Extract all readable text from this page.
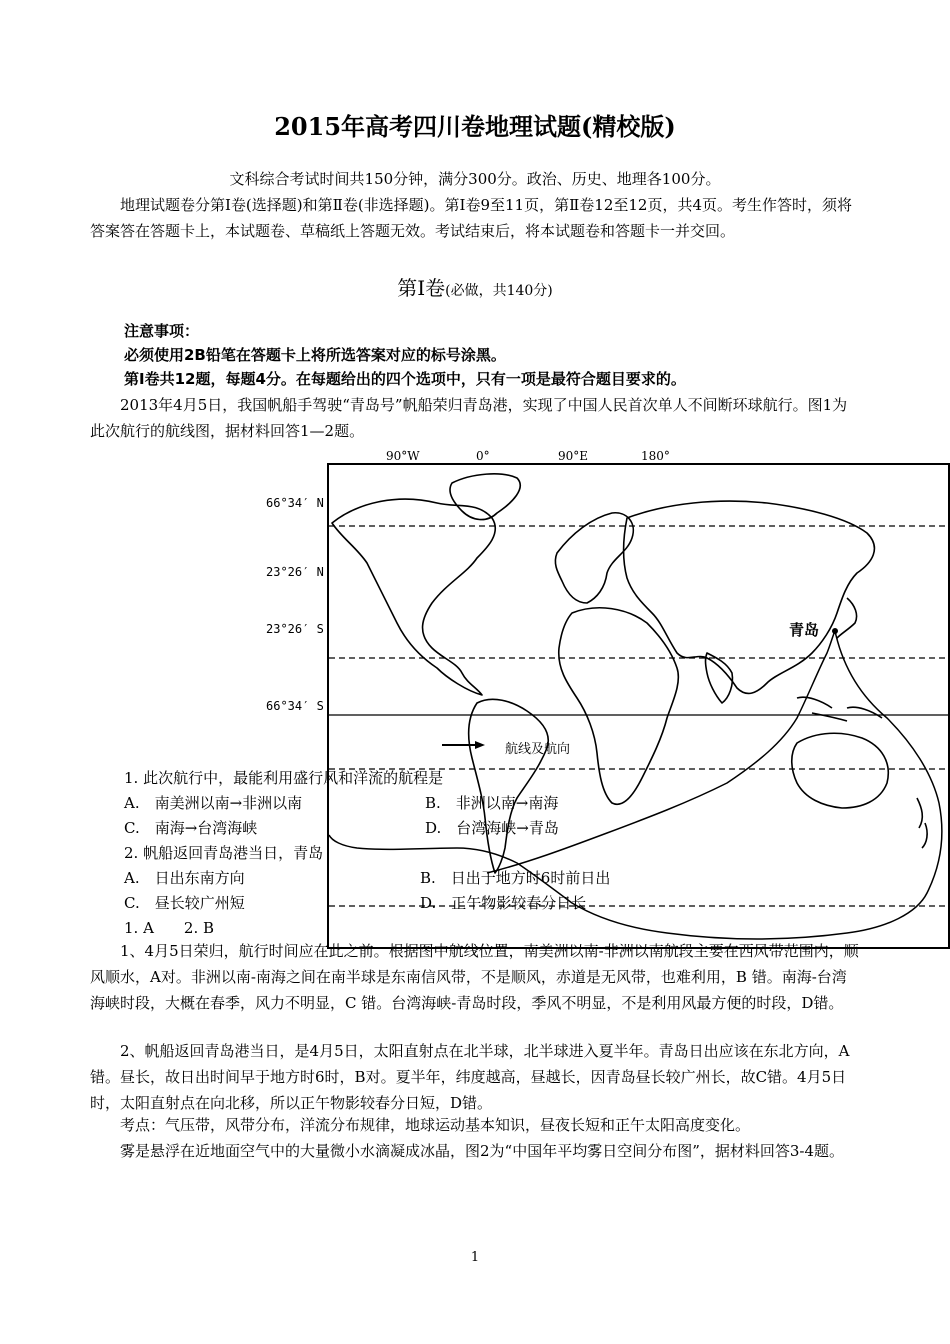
2015年高考四川卷地理试题(精校版)
文科综合考试时间共150分钟，满分300分。政治、历史、地理各100分。
地理试题卷分第Ⅰ卷(选择题)和第Ⅱ卷(非选择题)。第Ⅰ卷9至11页，第Ⅱ卷12至12页，共4页。考生作答时，须将答案答在答题卡上，本试题卷、草稿纸上答题无效。考试结束后，将本试题卷和答题卡一并交回。
第Ⅰ卷(必做，共140分)
注意事项：
必须使用2B铅笔在答题卡上将所选答案对应的标号涂黑。
第Ⅰ卷共12题，每题4分。在每题给出的四个选项中，只有一项是最符合题目要求的。
2013年4月5日，我国帆船手驾驶“青岛号”帆船荣归青岛港，实现了中国人民首次单人不间断环球航行。图1为此次航行的航线图，据材料回答1—2题。
90°W	0°	90°E	180°
66°34′ N
23°26′ N
23°26′ S
66°34′ S
青岛
航线及航向
1. 此次航行中，最能利用盛行风和洋流的航程是
A.　南美洲以南→非洲以南	B.　非洲以南→南海
C.　南海→台湾海峡	D.　台湾海峡→青岛
2. 帆船返回青岛港当日，青岛
A.　日出东南方向	B.　日出于地方时6时前日出
C.　昼长较广州短	D.　正午物影较春分日长
1. A　　2. B
1、4月5日荣归，航行时间应在此之前。根据图中航线位置，南美洲以南-非洲以南航段主要在西风带范围内，顺风顺水，A对。非洲以南-南海之间在南半球是东南信风带，不是顺风，赤道是无风带，也难利用，B 错。南海-台湾海峡时段，大概在春季，风力不明显，C 错。台湾海峡-青岛时段，季风不明显，不是利用风最方便的时段，D错。
2、帆船返回青岛港当日，是4月5日，太阳直射点在北半球，北半球进入夏半年。青岛日出应该在东北方向，A错。昼长，故日出时间早于地方时6时，B对。夏半年，纬度越高，昼越长，因青岛昼长较广州长，故C错。4月5日时，太阳直射点在向北移，所以正午物影较春分日短，D错。
考点：气压带，风带分布，洋流分布规律，地球运动基本知识，昼夜长短和正午太阳高度变化。
雾是悬浮在近地面空气中的大量微小水滴凝成冰晶，图2为“中国年平均雾日空间分布图”，据材料回答3-4题。
1
